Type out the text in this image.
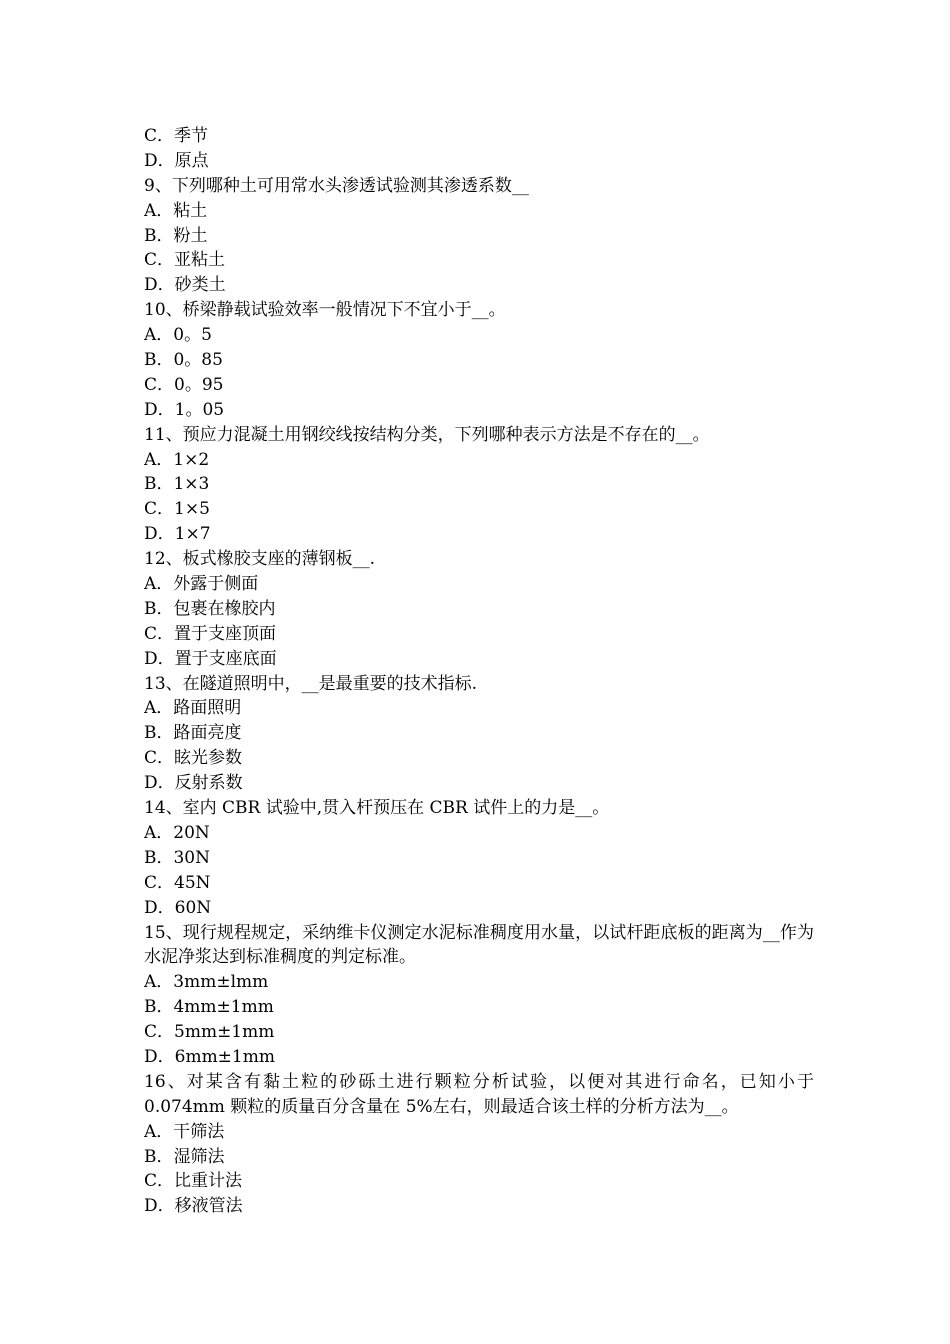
C．季节
D．原点
9、下列哪种土可用常水头渗透试验测其渗透系数__
A．粘土
B．粉土
C．亚粘土
D．砂类土
10、桥梁静载试验效率一般情况下不宜小于__。
A．0。5
B．0。85
C．0。95
D．1。05
11、预应力混凝土用钢绞线按结构分类，下列哪种表示方法是不存在的__。
A．1×2
B．1×3
C．1×5
D．1×7
12、板式橡胶支座的薄钢板__.
A．外露于侧面
B．包裹在橡胶内
C．置于支座顶面
D．置于支座底面
13、在隧道照明中，__是最重要的技术指标.
A．路面照明
B．路面亮度
C．眩光参数
D．反射系数
14、室内 CBR 试验中,贯入杆预压在 CBR 试件上的力是__。
A．20N
B．30N
C．45N
D．60N
15、现行规程规定，采纳维卡仪测定水泥标准稠度用水量，以试杆距底板的距离为__作为水泥净浆达到标准稠度的判定标准。
A．3mm±lmm
B．4mm±1mm
C．5mm±1mm
D．6mm±1mm
16、对某含有黏土粒的砂砾土进行颗粒分析试验，以便对其进行命名，已知小于 0.074mm 颗粒的质量百分含量在 5%左右，则最适合该土样的分析方法为__。
A．干筛法
B．湿筛法
C．比重计法
D．移液管法
